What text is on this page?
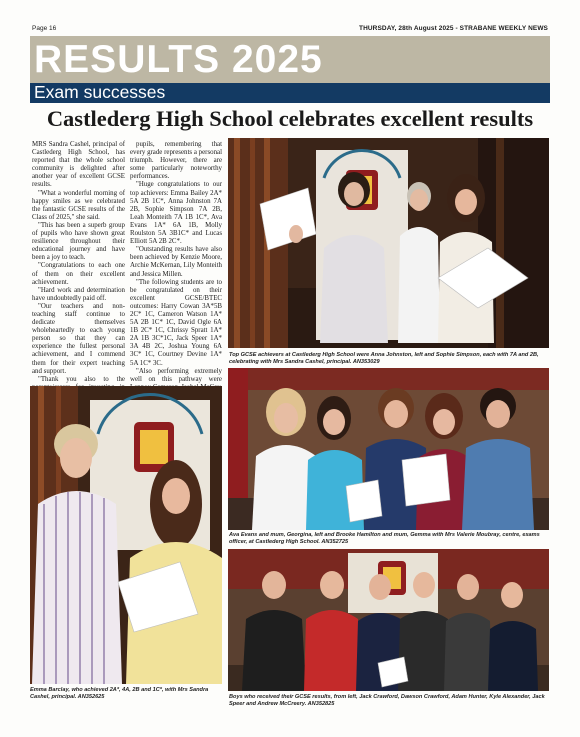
Page 16	THURSDAY, 28th August 2025 - STRABANE WEEKLY NEWS
RESULTS 2025
Exam successes
Castlederg High School celebrates excellent results

MRS Sandra Cashel, principal of Castlederg High School, has reported that the whole school community is delighted after another year of excellent GCSE results.

"What a wonderful morning of happy smiles as we celebrated the fantastic GCSE results of the Class of 2025," she said.

"This has been a superb group of pupils who have shown great resilience throughout their educational journey and have been a joy to teach.

"Congratulations to each one of them on their excellent achievement.

"Hard work and determination have undoubtedly paid off.

"Our teachers and non-teaching staff continue to dedicate themselves wholeheartedly to each young person so that they can experience the fullest personal achievement, and I commend them for their expert teaching and support.

"Thank you also to the

pupils, remembering that every grade represents a personal triumph. However, there are some particularly noteworthy performances.

"Huge congratulations to our top achievers: Emma Bailey 2A* 5A 2B 1C*, Anna Johnston 7A 2B, Sophie Simpson 7A 2B, Leah Monteith 7A 1B 1C*, Ava Evans 1A* 6A 1B, Molly Roulston 5A 3B1C* and Lucas Elliott 5A 2B 2C*.

"Outstanding results have also been achieved by Kenzie Moore, Archie McKernan, Lily Monteith and Jessica Millen.

"The following students are to be congratulated on their excellent GCSE/BTEC outcomes: Harry Cowan 3A*5B 2C* 1C, Cameron Watson 1A* 5A 2B 1C* 1C, David Ogle 6A 1B 2C* 1C, Chrissy Spratt 1A* 2A 1B 3C*1C, Jack Speer 1A* 3A 4B 2C, Joshua Young 6A 3C* 1C, Courtney Devine 1A* 5A 1C* 3C.

"Also performing extremely well on this pathway were

Top GCSE achievers at Castlederg High School were Anna Johnston, left and Sophie Simpson, each with 7A and 2B, celebrating with Mrs Sandra Cashel, principal. AN353029
Emma Barclay, who achieved 2A*, 4A, 2B and 1C*, with Mrs Sandra Cashel, principal. AN352625
Ava Evans and mum, Georgina, left and Brooke Hamilton and mum, Gemma with Mrs Valerie Moubray, centre, exams officer, at Castlederg High School. AN352725
Boys who received their GCSE results, from left, Jack Crawford, Dawson Crawford, Adam Hunter, Kyle Alexander, Jack Speer and Andrew McCreery. AN352825
